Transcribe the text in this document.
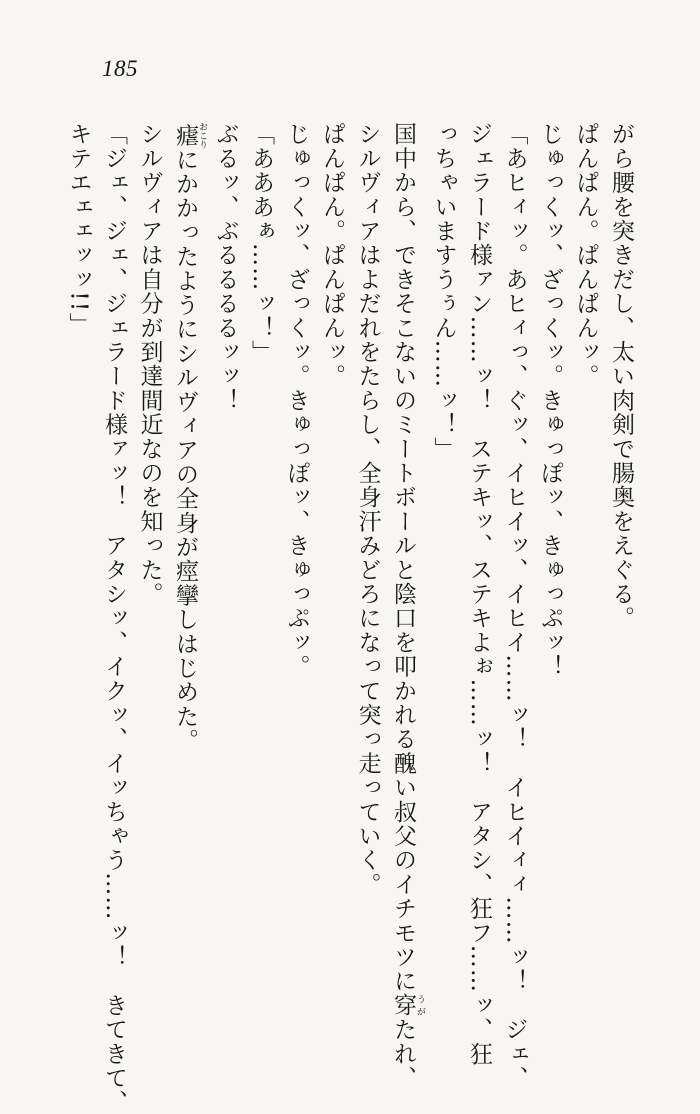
185
がら腰を突きだし、太い肉剣で腸奥をえぐる。
ぱんぱん。ぱんぱんッ。
じゅっくッ、ざっくッ。きゅっぽッ、きゅっぷッ！
「あヒィッ。あヒィっ、ぐッ、イヒイッ、イヒイ……ッ！　イヒイィィ……ッ！　ジェ、
ジェラード様ァン……ッ！　ステキッ、ステキよぉ……ッ！　アタシ、狂フ……ッ、狂
っちゃいますうぅん……ッ！」
国中から、できそこないのミートボールと陰口を叩かれる醜い叔父のイチモツに穿 うがたれ、
シルヴィアはよだれをたらし、全身汗みどろになって突っ走っていく。
ぱんぱん。ぱんぱんッ。
じゅっくッ、ざっくッ。きゅっぽッ、きゅっぷッ。
「あああぁ……ッ！」
ぶるッ、ぶるるるるッッ！
瘧 おこりにかかったようにシルヴィアの全身が痙攣しはじめた。
シルヴィアは自分が到達間近なのを知った。
「ジェ、ジェ、ジェラード様ァッ！　アタシッ、イクッ、イッちゃう……ッ！　きてきて、
キテエェェッッ!!」
